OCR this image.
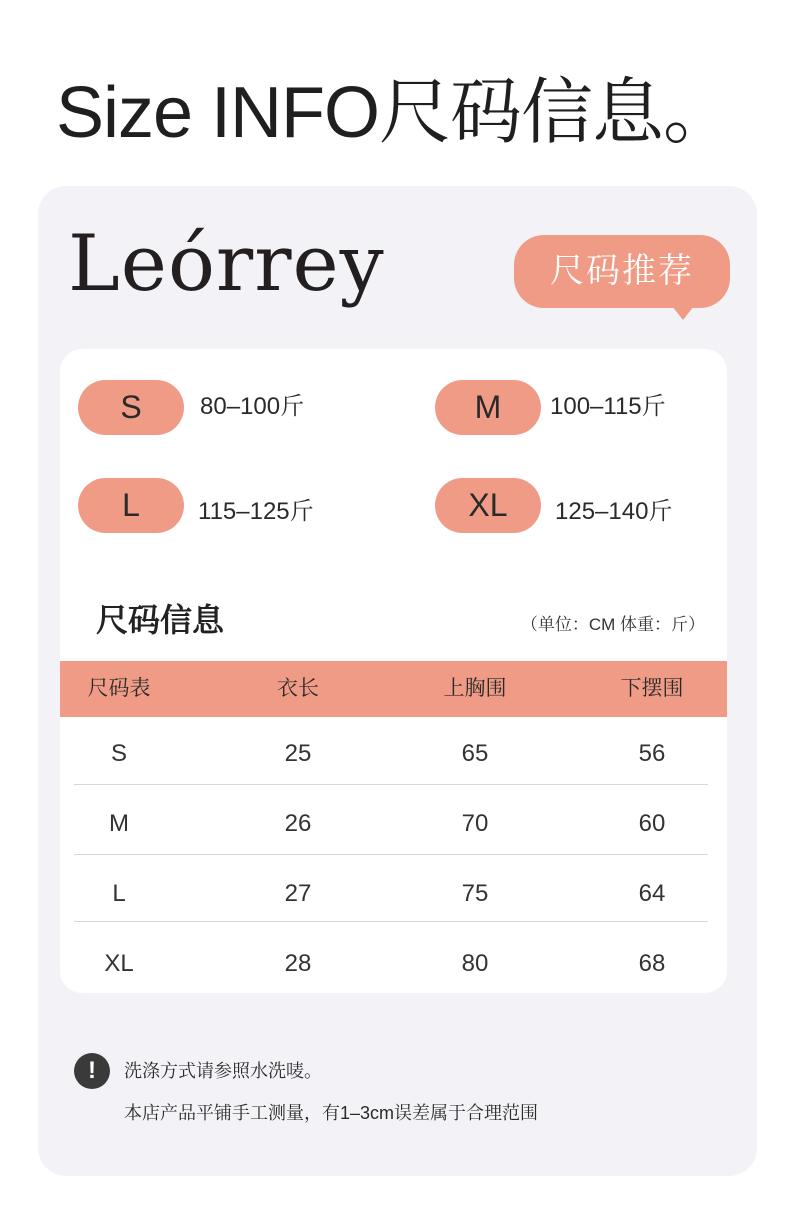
Size INFO尺码信息。
Leórrey	尺码推荐
S	80–100斤	M	100–115斤
L	115–125斤	XL	125–140斤
尺码信息	（单位：CM 体重：斤）
尺码表	衣长	上胸围	下摆围
S	25	65	56
M	26	70	60
L	27	75	64
XL	28	80	68
!	洗涤方式请参照水洗唛。
本店产品平铺手工测量，有1–3cm误差属于合理范围
